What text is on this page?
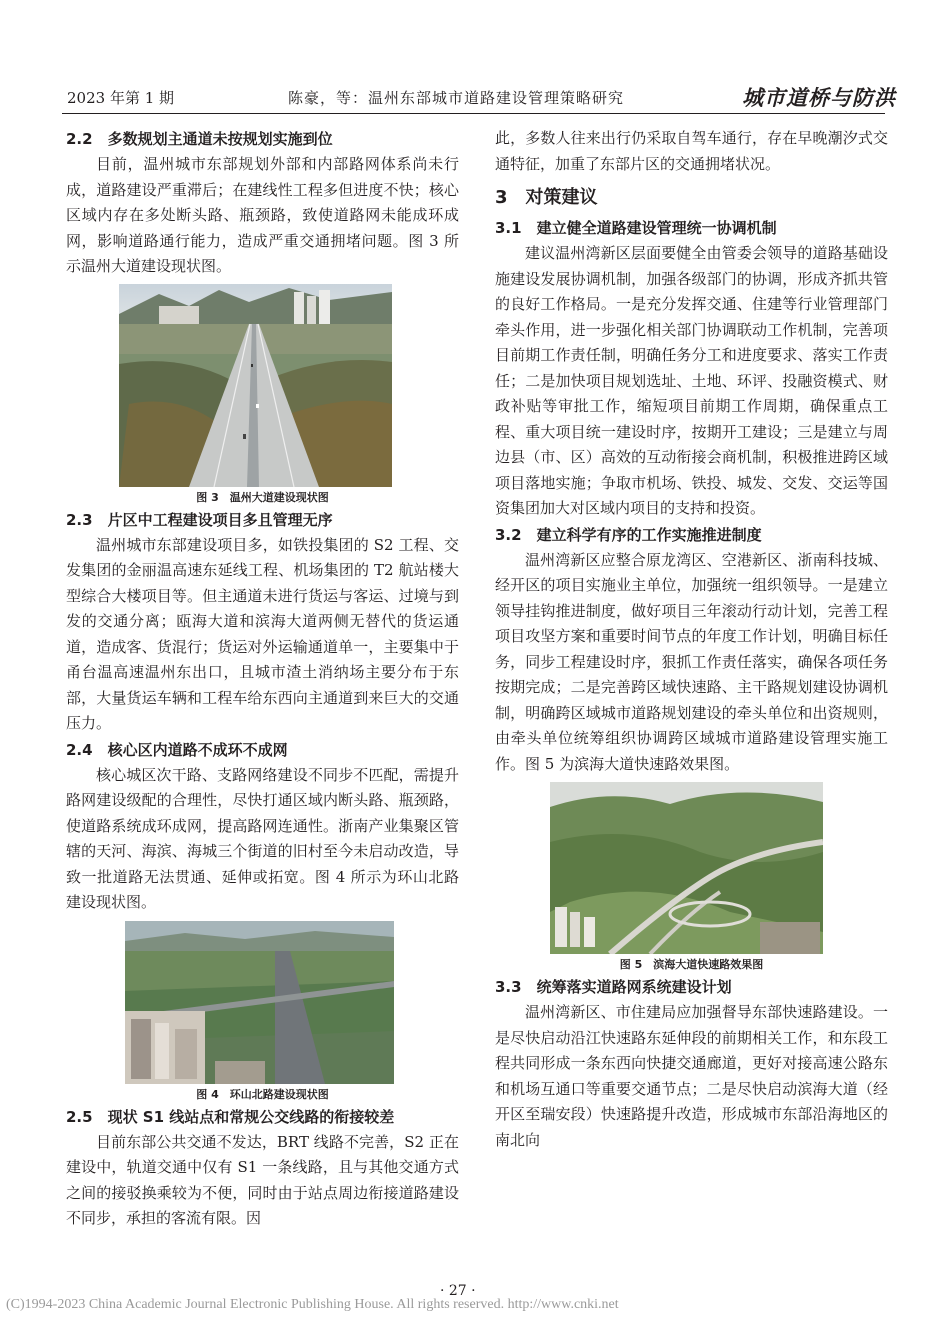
2023 年第 1 期	陈豪，等：温州东部城市道路建设管理策略研究	城市道桥与防洪

2.2　多数规划主通道未按规划实施到位

目前，温州城市东部规划外部和内部路网体系尚未行成，道路建设严重滞后；在建线性工程多但进度不快；核心区域内存在多处断头路、瓶颈路，致使道路网未能成环成网，影响道路通行能力，造成严重交通拥堵问题。图 3 所示温州大道建设现状图。

图 3　温州大道建设现状图

2.3　片区中工程建设项目多且管理无序

温州城市东部建设项目多，如铁投集团的 S2 工程、交发集团的金丽温高速东延线工程、机场集团的 T2 航站楼大型综合大楼项目等。但主通道未进行货运与客运、过境与到发的交通分离；瓯海大道和滨海大道两侧无替代的货运通道，造成客、货混行；货运对外运输通道单一，主要集中于甬台温高速温州东出口，且城市渣土消纳场主要分布于东部，大量货运车辆和工程车给东西向主通道到来巨大的交通压力。

2.4　核心区内道路不成环不成网

核心城区次干路、支路网络建设不同步不匹配，需提升路网建设级配的合理性，尽快打通区域内断头路、瓶颈路，使道路系统成环成网，提高路网连通性。浙南产业集聚区管辖的天河、海滨、海城三个街道的旧村至今未启动改造，导致一批道路无法贯通、延伸或拓宽。图 4 所示为环山北路建设现状图。

图 4　环山北路建设现状图

2.5　现状 S1 线站点和常规公交线路的衔接较差

目前东部公共交通不发达，BRT 线路不完善，S2 正在建设中，轨道交通中仅有 S1 一条线路，且与其他交通方式之间的接驳换乘较为不便，同时由于站点周边衔接道路建设不同步，承担的客流有限。因

此，多数人往来出行仍采取自驾车通行，存在早晚潮汐式交通特征，加重了东部片区的交通拥堵状况。

3　对策建议

3.1　建立健全道路建设管理统一协调机制

建议温州湾新区层面要健全由管委会领导的道路基础设施建设发展协调机制，加强各级部门的协调，形成齐抓共管的良好工作格局。一是充分发挥交通、住建等行业管理部门牵头作用，进一步强化相关部门协调联动工作机制，完善项目前期工作责任制，明确任务分工和进度要求、落实工作责任；二是加快项目规划选址、土地、环评、投融资模式、财政补贴等审批工作，缩短项目前期工作周期，确保重点工程、重大项目统一建设时序，按期开工建设；三是建立与周边县（市、区）高效的互动衔接会商机制，积极推进跨区域项目落地实施；争取市机场、铁投、城发、交发、交运等国资集团加大对区域内项目的支持和投资。

3.2　建立科学有序的工作实施推进制度

温州湾新区应整合原龙湾区、空港新区、浙南科技城、经开区的项目实施业主单位，加强统一组织领导。一是建立领导挂钩推进制度，做好项目三年滚动行动计划，完善工程项目攻坚方案和重要时间节点的年度工作计划，明确目标任务，同步工程建设时序，狠抓工作责任落实，确保各项任务按期完成；二是完善跨区域快速路、主干路规划建设协调机制，明确跨区域城市道路规划建设的牵头单位和出资规则，由牵头单位统筹组织协调跨区域城市道路建设管理实施工作。图 5 为滨海大道快速路效果图。

图 5　滨海大道快速路效果图

3.3　统筹落实道路网系统建设计划

温州湾新区、市住建局应加强督导东部快速路建设。一是尽快启动沿江快速路东延伸段的前期相关工作，和东段工程共同形成一条东西向快捷交通廊道，更好对接高速公路东和机场互通口等重要交通节点；二是尽快启动滨海大道（经开区至瑞安段）快速路提升改造，形成城市东部沿海地区的南北向

· 27 ·
(C)1994-2023 China Academic Journal Electronic Publishing House. All rights reserved. http://www.cnki.net
